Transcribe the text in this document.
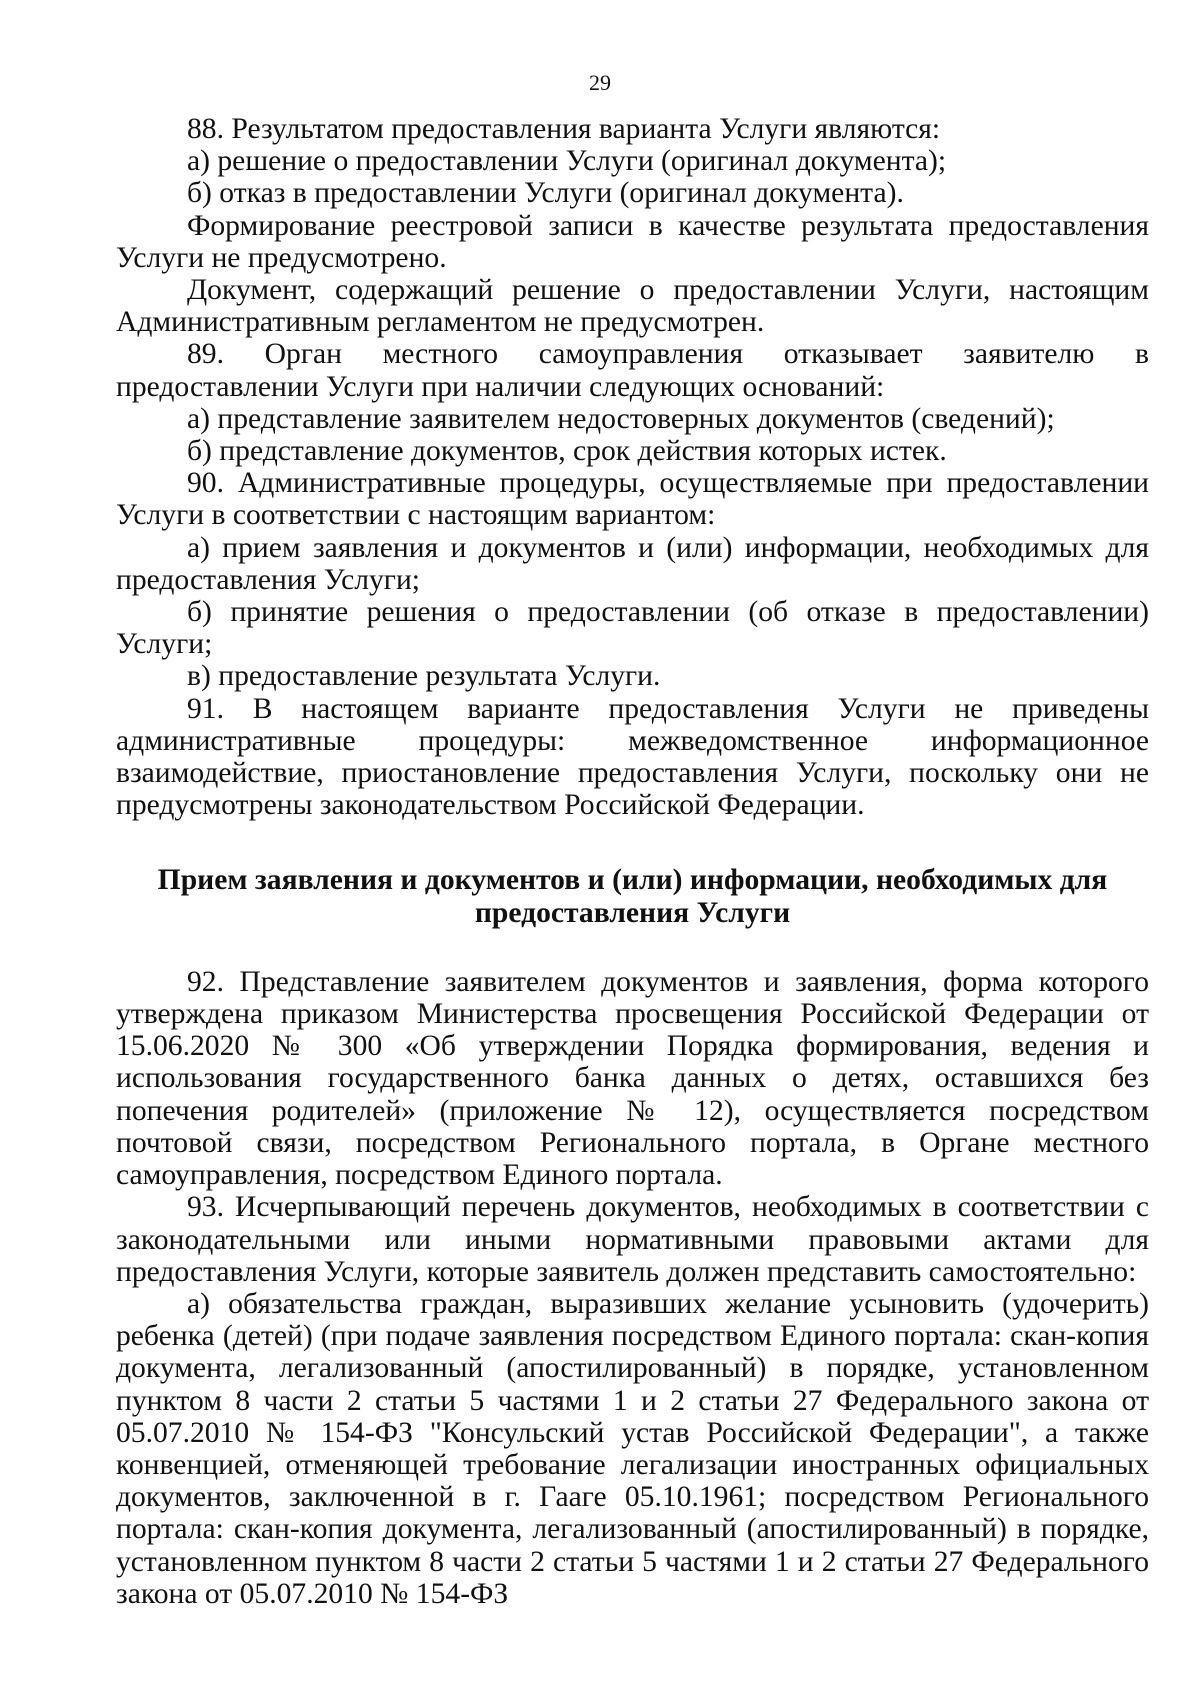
29

88. Результатом предоставления варианта Услуги являются:

а) решение о предоставлении Услуги (оригинал документа);

б) отказ в предоставлении Услуги (оригинал документа).

Формирование реестровой записи в качестве результата предоставления Услуги не предусмотрено.

Документ, содержащий решение о предоставлении Услуги, настоящим Административным регламентом не предусмотрен.

89. Орган местного самоуправления отказывает заявителю в предоставлении Услуги при наличии следующих оснований:

а) представление заявителем недостоверных документов (сведений);

б) представление документов, срок действия которых истек.

90. Административные процедуры, осуществляемые при предоставлении Услуги в соответствии с настоящим вариантом:

а) прием заявления и документов и (или) информации, необходимых для предоставления Услуги;

б) принятие решения о предоставлении (об отказе в предоставлении) Услуги;

в) предоставление результата Услуги.

91. В настоящем варианте предоставления Услуги не приведены административные процедуры: межведомственное информационное взаимодействие, приостановление предоставления Услуги, поскольку они не предусмотрены законодательством Российской Федерации.

Прием заявления и документов и (или) информации, необходимых для
предоставления Услуги

92. Представление заявителем документов и заявления, форма которого утверждена приказом Министерства просвещения Российской Федерации от 15.06.2020 № 300 «Об утверждении Порядка формирования, ведения и использования государственного банка данных о детях, оставшихся без попечения родителей» (приложение № 12), осуществляется посредством почтовой связи, посредством Регионального портала, в Органе местного самоуправления, посредством Единого портала.

93. Исчерпывающий перечень документов, необходимых в соответствии с законодательными или иными нормативными правовыми актами для предоставления Услуги, которые заявитель должен представить самостоятельно:

а) обязательства граждан, выразивших желание усыновить (удочерить) ребенка (детей) (при подаче заявления посредством Единого портала: скан-копия документа, легализованный (апостилированный) в порядке, установленном пунктом 8 части 2 статьи 5 частями 1 и 2 статьи 27 Федерального закона от 05.07.2010 № 154-ФЗ "Консульский устав Российской Федерации", а также конвенцией, отменяющей требование легализации иностранных официальных документов, заключенной в г. Гааге 05.10.1961; посредством Регионального портала: скан-копия документа, легализованный (апостилированный) в порядке, установленном пунктом 8 части 2 статьи 5 частями 1 и 2 статьи 27 Федерального закона от 05.07.2010 № 154-ФЗ
